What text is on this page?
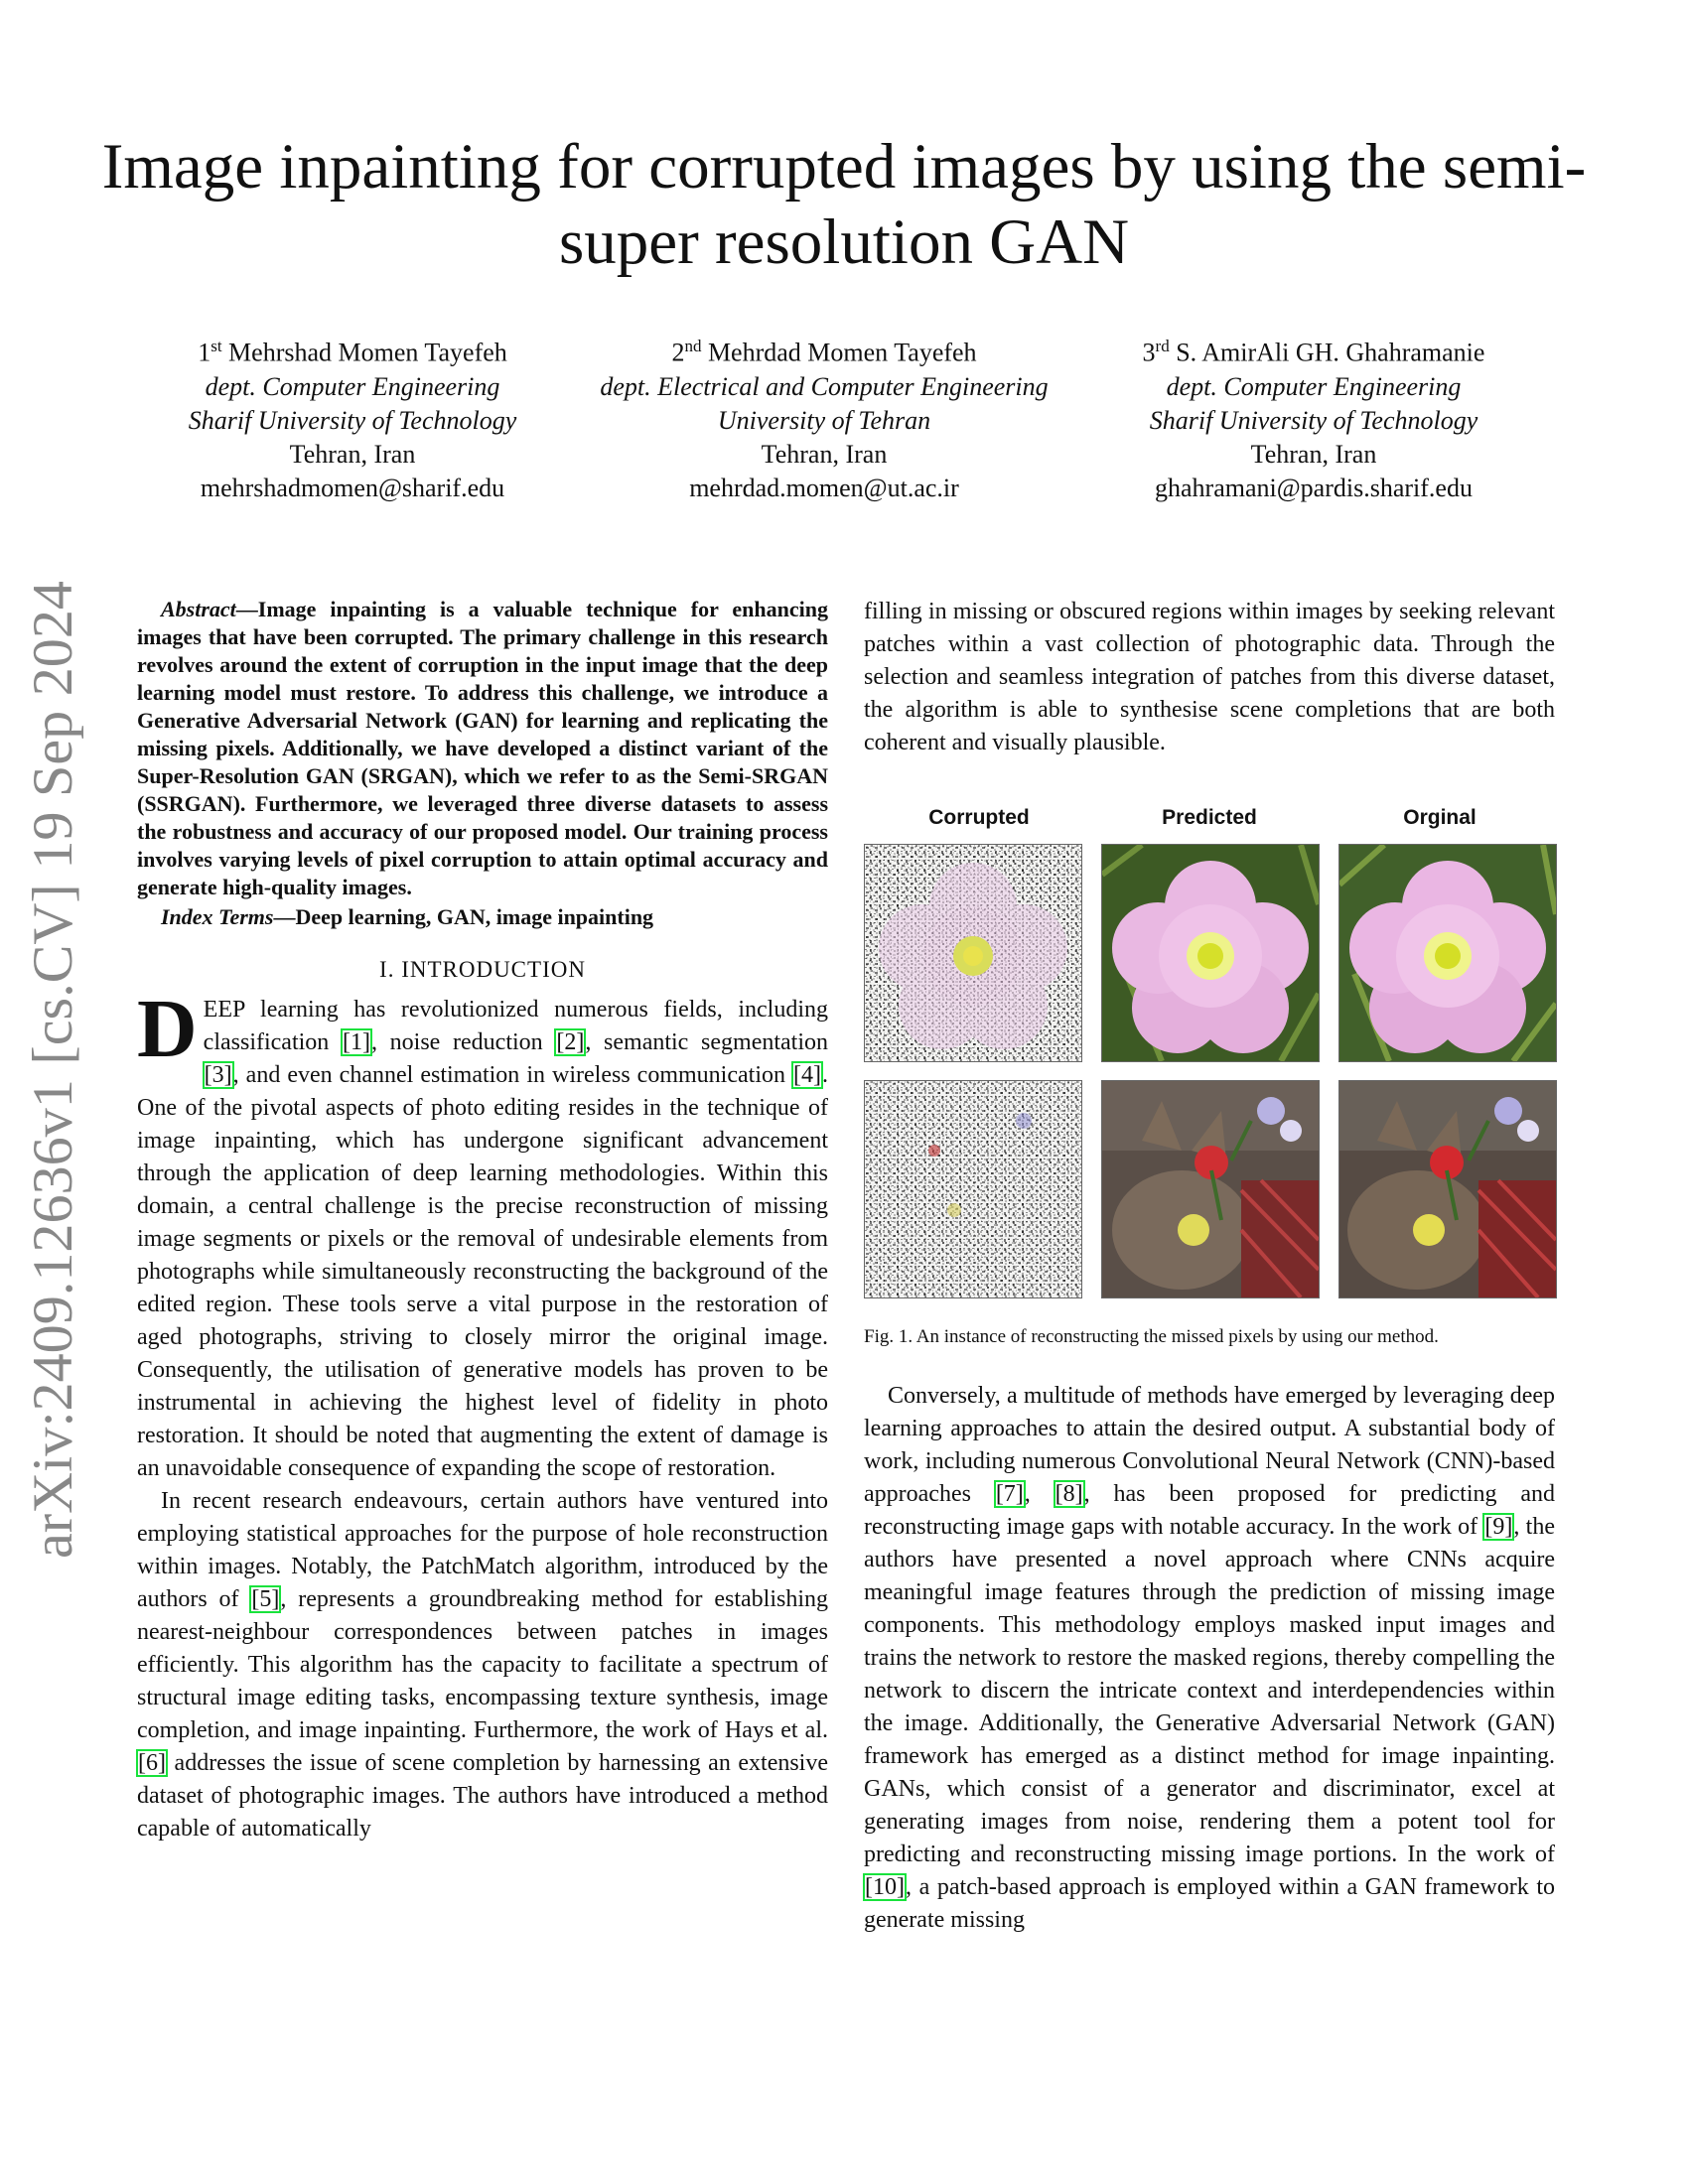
arXiv:2409.12636v1 [cs.CV] 19 Sep 2024
Image inpainting for corrupted images by using the semi-super resolution GAN
1st Mehrshad Momen Tayefeh
dept. Computer Engineering
Sharif University of Technology
Tehran, Iran
mehrshadmomen@sharif.edu
2nd Mehrdad Momen Tayefeh
dept. Electrical and Computer Engineering
University of Tehran
Tehran, Iran
mehrdad.momen@ut.ac.ir
3rd S. AmirAli GH. Ghahramanie
dept. Computer Engineering
Sharif University of Technology
Tehran, Iran
ghahramani@pardis.sharif.edu

Abstract—Image inpainting is a valuable technique for enhancing images that have been corrupted. The primary challenge in this research revolves around the extent of corruption in the input image that the deep learning model must restore. To address this challenge, we introduce a Generative Adversarial Network (GAN) for learning and replicating the missing pixels. Additionally, we have developed a distinct variant of the Super-Resolution GAN (SRGAN), which we refer to as the Semi-SRGAN (SSRGAN). Furthermore, we leveraged three diverse datasets to assess the robustness and accuracy of our proposed model. Our training process involves varying levels of pixel corruption to attain optimal accuracy and generate high-quality images.

Index Terms—Deep learning, GAN, image inpainting

I. INTRODUCTION

DEEP learning has revolutionized numerous fields, including classification [1], noise reduction [2], semantic segmentation [3], and even channel estimation in wireless communication [4]. One of the pivotal aspects of photo editing resides in the technique of image inpainting, which has undergone significant advancement through the application of deep learning methodologies. Within this domain, a central challenge is the precise reconstruction of missing image segments or pixels or the removal of undesirable elements from photographs while simultaneously reconstructing the background of the edited region. These tools serve a vital purpose in the restoration of aged photographs, striving to closely mirror the original image. Consequently, the utilisation of generative models has proven to be instrumental in achieving the highest level of fidelity in photo restoration. It should be noted that augmenting the extent of damage is an unavoidable consequence of expanding the scope of restoration.

In recent research endeavours, certain authors have ventured into employing statistical approaches for the purpose of hole reconstruction within images. Notably, the PatchMatch algorithm, introduced by the authors of [5], represents a groundbreaking method for establishing nearest-neighbour correspondences between patches in images efficiently. This algorithm has the capacity to facilitate a spectrum of structural image editing tasks, encompassing texture synthesis, image completion, and image inpainting. Furthermore, the work of Hays et al. [6] addresses the issue of scene completion by harnessing an extensive dataset of photographic images. The authors have introduced a method capable of automatically

filling in missing or obscured regions within images by seeking relevant patches within a vast collection of photographic data. Through the selection and seamless integration of patches from this diverse dataset, the algorithm is able to synthesise scene completions that are both coherent and visually plausible.

Corrupted	Predicted	Orginal

Fig. 1. An instance of reconstructing the missed pixels by using our method.

Conversely, a multitude of methods have emerged by leveraging deep learning approaches to attain the desired output. A substantial body of work, including numerous Convolutional Neural Network (CNN)-based approaches [7], [8], has been proposed for predicting and reconstructing image gaps with notable accuracy. In the work of [9], the authors have presented a novel approach where CNNs acquire meaningful image features through the prediction of missing image components. This methodology employs masked input images and trains the network to restore the masked regions, thereby compelling the network to discern the intricate context and interdependencies within the image. Additionally, the Generative Adversarial Network (GAN) framework has emerged as a distinct method for image inpainting. GANs, which consist of a generator and discriminator, excel at generating images from noise, rendering them a potent tool for predicting and reconstructing missing image portions. In the work of [10], a patch-based approach is employed within a GAN framework to generate missing
